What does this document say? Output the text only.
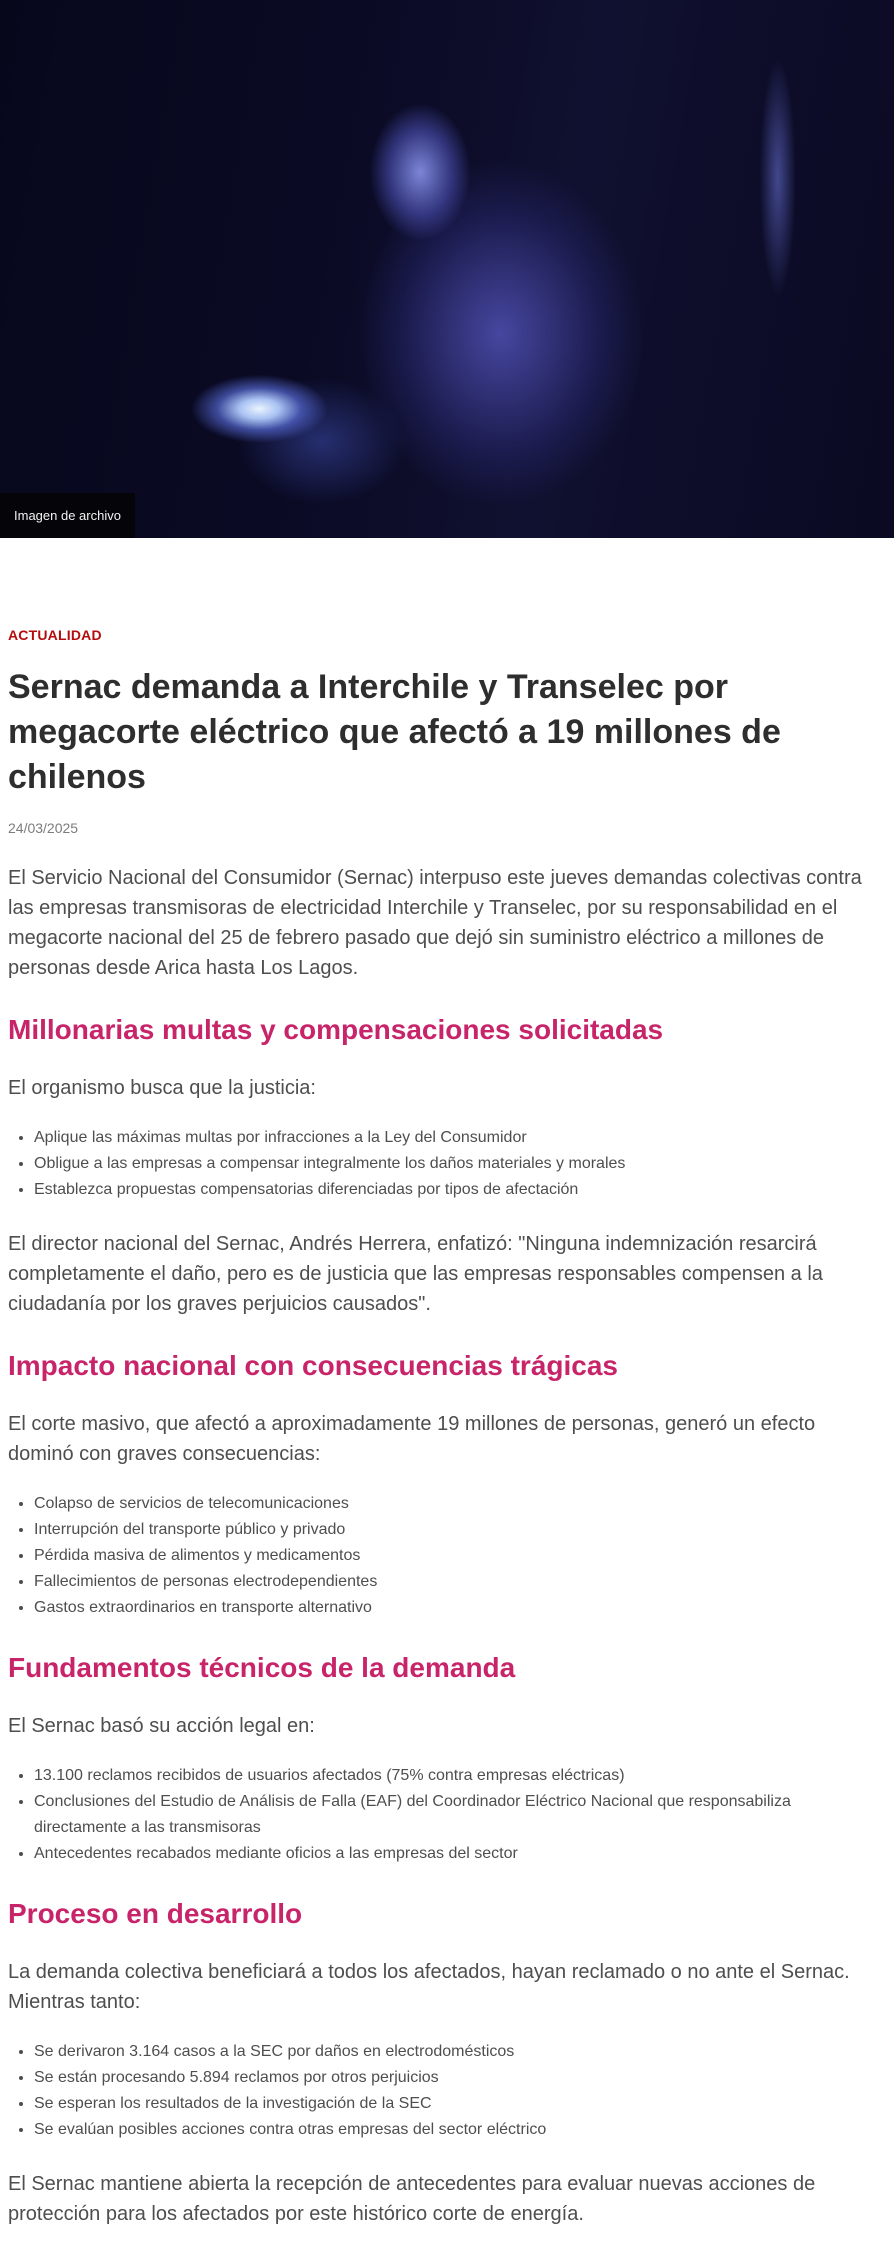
Imagen de archivo
ACTUALIDAD
Sernac demanda a Interchile y Transelec por megacorte eléctrico que afectó a 19 millones de chilenos
24/03/2025

El Servicio Nacional del Consumidor (Sernac) interpuso este jueves demandas colectivas contra las empresas transmisoras de electricidad Interchile y Transelec, por su responsabilidad en el megacorte nacional del 25 de febrero pasado que dejó sin suministro eléctrico a millones de personas desde Arica hasta Los Lagos.

Millonarias multas y compensaciones solicitadas

El organismo busca que la justicia:

• Aplique las máximas multas por infracciones a la Ley del Consumidor
• Obligue a las empresas a compensar integralmente los daños materiales y morales
• Establezca propuestas compensatorias diferenciadas por tipos de afectación

El director nacional del Sernac, Andrés Herrera, enfatizó: "Ninguna indemnización resarcirá completamente el daño, pero es de justicia que las empresas responsables compensen a la ciudadanía por los graves perjuicios causados".

Impacto nacional con consecuencias trágicas

El corte masivo, que afectó a aproximadamente 19 millones de personas, generó un efecto dominó con graves consecuencias:

• Colapso de servicios de telecomunicaciones
• Interrupción del transporte público y privado
• Pérdida masiva de alimentos y medicamentos
• Fallecimientos de personas electrodependientes
• Gastos extraordinarios en transporte alternativo
Fundamentos técnicos de la demanda

El Sernac basó su acción legal en:

• 13.100 reclamos recibidos de usuarios afectados (75% contra empresas eléctricas)
• Conclusiones del Estudio de Análisis de Falla (EAF) del Coordinador Eléctrico Nacional que responsabiliza directamente a las transmisoras
• Antecedentes recabados mediante oficios a las empresas del sector
Proceso en desarrollo

La demanda colectiva beneficiará a todos los afectados, hayan reclamado o no ante el Sernac. Mientras tanto:

• Se derivaron 3.164 casos a la SEC por daños en electrodomésticos
• Se están procesando 5.894 reclamos por otros perjuicios
• Se esperan los resultados de la investigación de la SEC
• Se evalúan posibles acciones contra otras empresas del sector eléctrico

El Sernac mantiene abierta la recepción de antecedentes para evaluar nuevas acciones de protección para los afectados por este histórico corte de energía.
